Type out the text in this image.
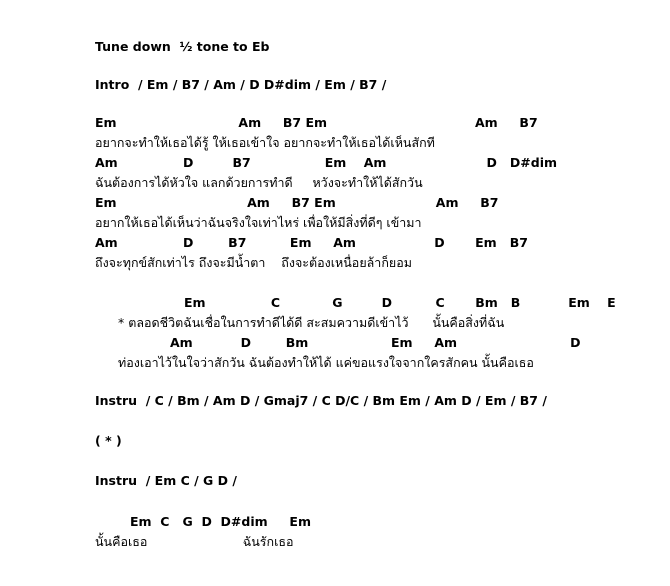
Tune down  ½ tone to Eb
Intro  / Em / B7 / Am / D D#dim / Em / B7 /
Em                            Am     B7 Em                                  Am     B7
อยากจะทำให้เธอได้รู้ ให้เธอเข้าใจ อยากจะทำให้เธอได้เห็นสักที
Am               D         B7                 Em    Am                       D   D#dim
ฉันต้องการได้หัวใจ แลกด้วยการทำดี     หวังจะทำให้ได้สักวัน
Em                              Am     B7 Em                       Am     B7
อยากให้เธอได้เห็นว่าฉันจริงใจเท่าไหร่ เพื่อให้มีสิ่งที่ดีๆ เข้ามา
Am               D        B7          Em     Am                  D       Em   B7
ถึงจะทุกข์สักเท่าไร ถึงจะมีน้ำตา    ถึงจะต้องเหนื่อยล้าก็ยอม
Em               C            G         D          C       Bm   B           Em    E
* ตลอดชีวิตฉันเชื่อในการทำดีได้ดี สะสมความดีเข้าไว้      นั้นคือสิ่งที่ฉัน
Am           D        Bm                   Em     Am                          D
ท่องเอาไว้ในใจว่าสักวัน ฉันต้องทำให้ได้ แค่ขอแรงใจจากใครสักคน นั้นคือเธอ
Instru  / C / Bm / Am D / Gmaj7 / C D/C / Bm Em / Am D / Em / B7 /
( * )
Instru  / Em C / G D /
Em  C   G  D  D#dim     Em
นั้นคือเธอ                        ฉันรักเธอ
